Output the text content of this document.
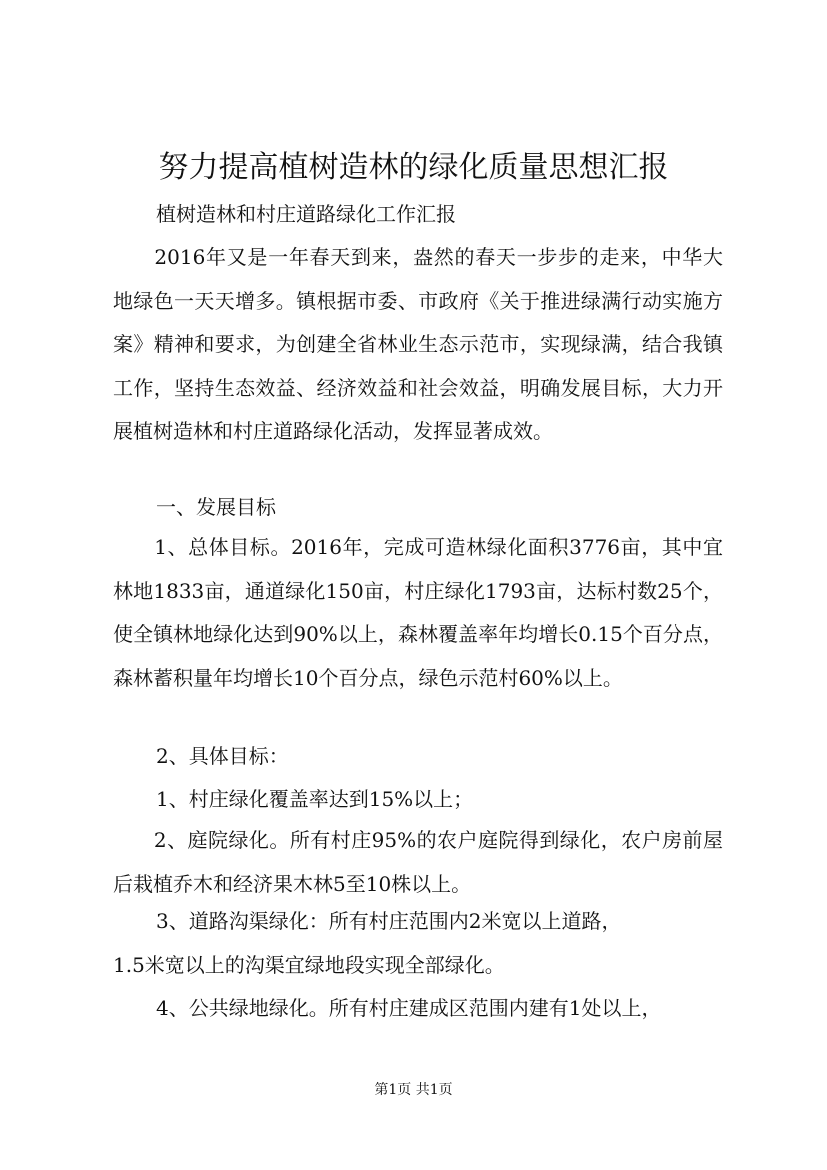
努力提高植树造林的绿化质量思想汇报

植树造林和村庄道路绿化工作汇报

　　2016年又是一年春天到来，盎然的春天一步步的走来，中华大地绿色一天天增多。镇根据市委、市政府《关于推进绿满行动实施方案》精神和要求，为创建全省林业生态示范市，实现绿满，结合我镇工作，坚持生态效益、经济效益和社会效益，明确发展目标，大力开展植树造林和村庄道路绿化活动，发挥显著成效。

一、发展目标

　　1、总体目标。2016年，完成可造林绿化面积3776亩，其中宜林地1833亩，通道绿化150亩，村庄绿化1793亩，达标村数25个，使全镇林地绿化达到90%以上，森林覆盖率年均增长0.15个百分点，森林蓄积量年均增长10个百分点，绿色示范村60%以上。

2、具体目标：

1、村庄绿化覆盖率达到15%以上；

　　2、庭院绿化。所有村庄95%的农户庭院得到绿化，农户房前屋后栽植乔木和经济果木林5至10株以上。

3、道路沟渠绿化：所有村庄范围内2米宽以上道路，

1.5米宽以上的沟渠宜绿地段实现全部绿化。

4、公共绿地绿化。所有村庄建成区范围内建有1处以上，

第1页 共1页
